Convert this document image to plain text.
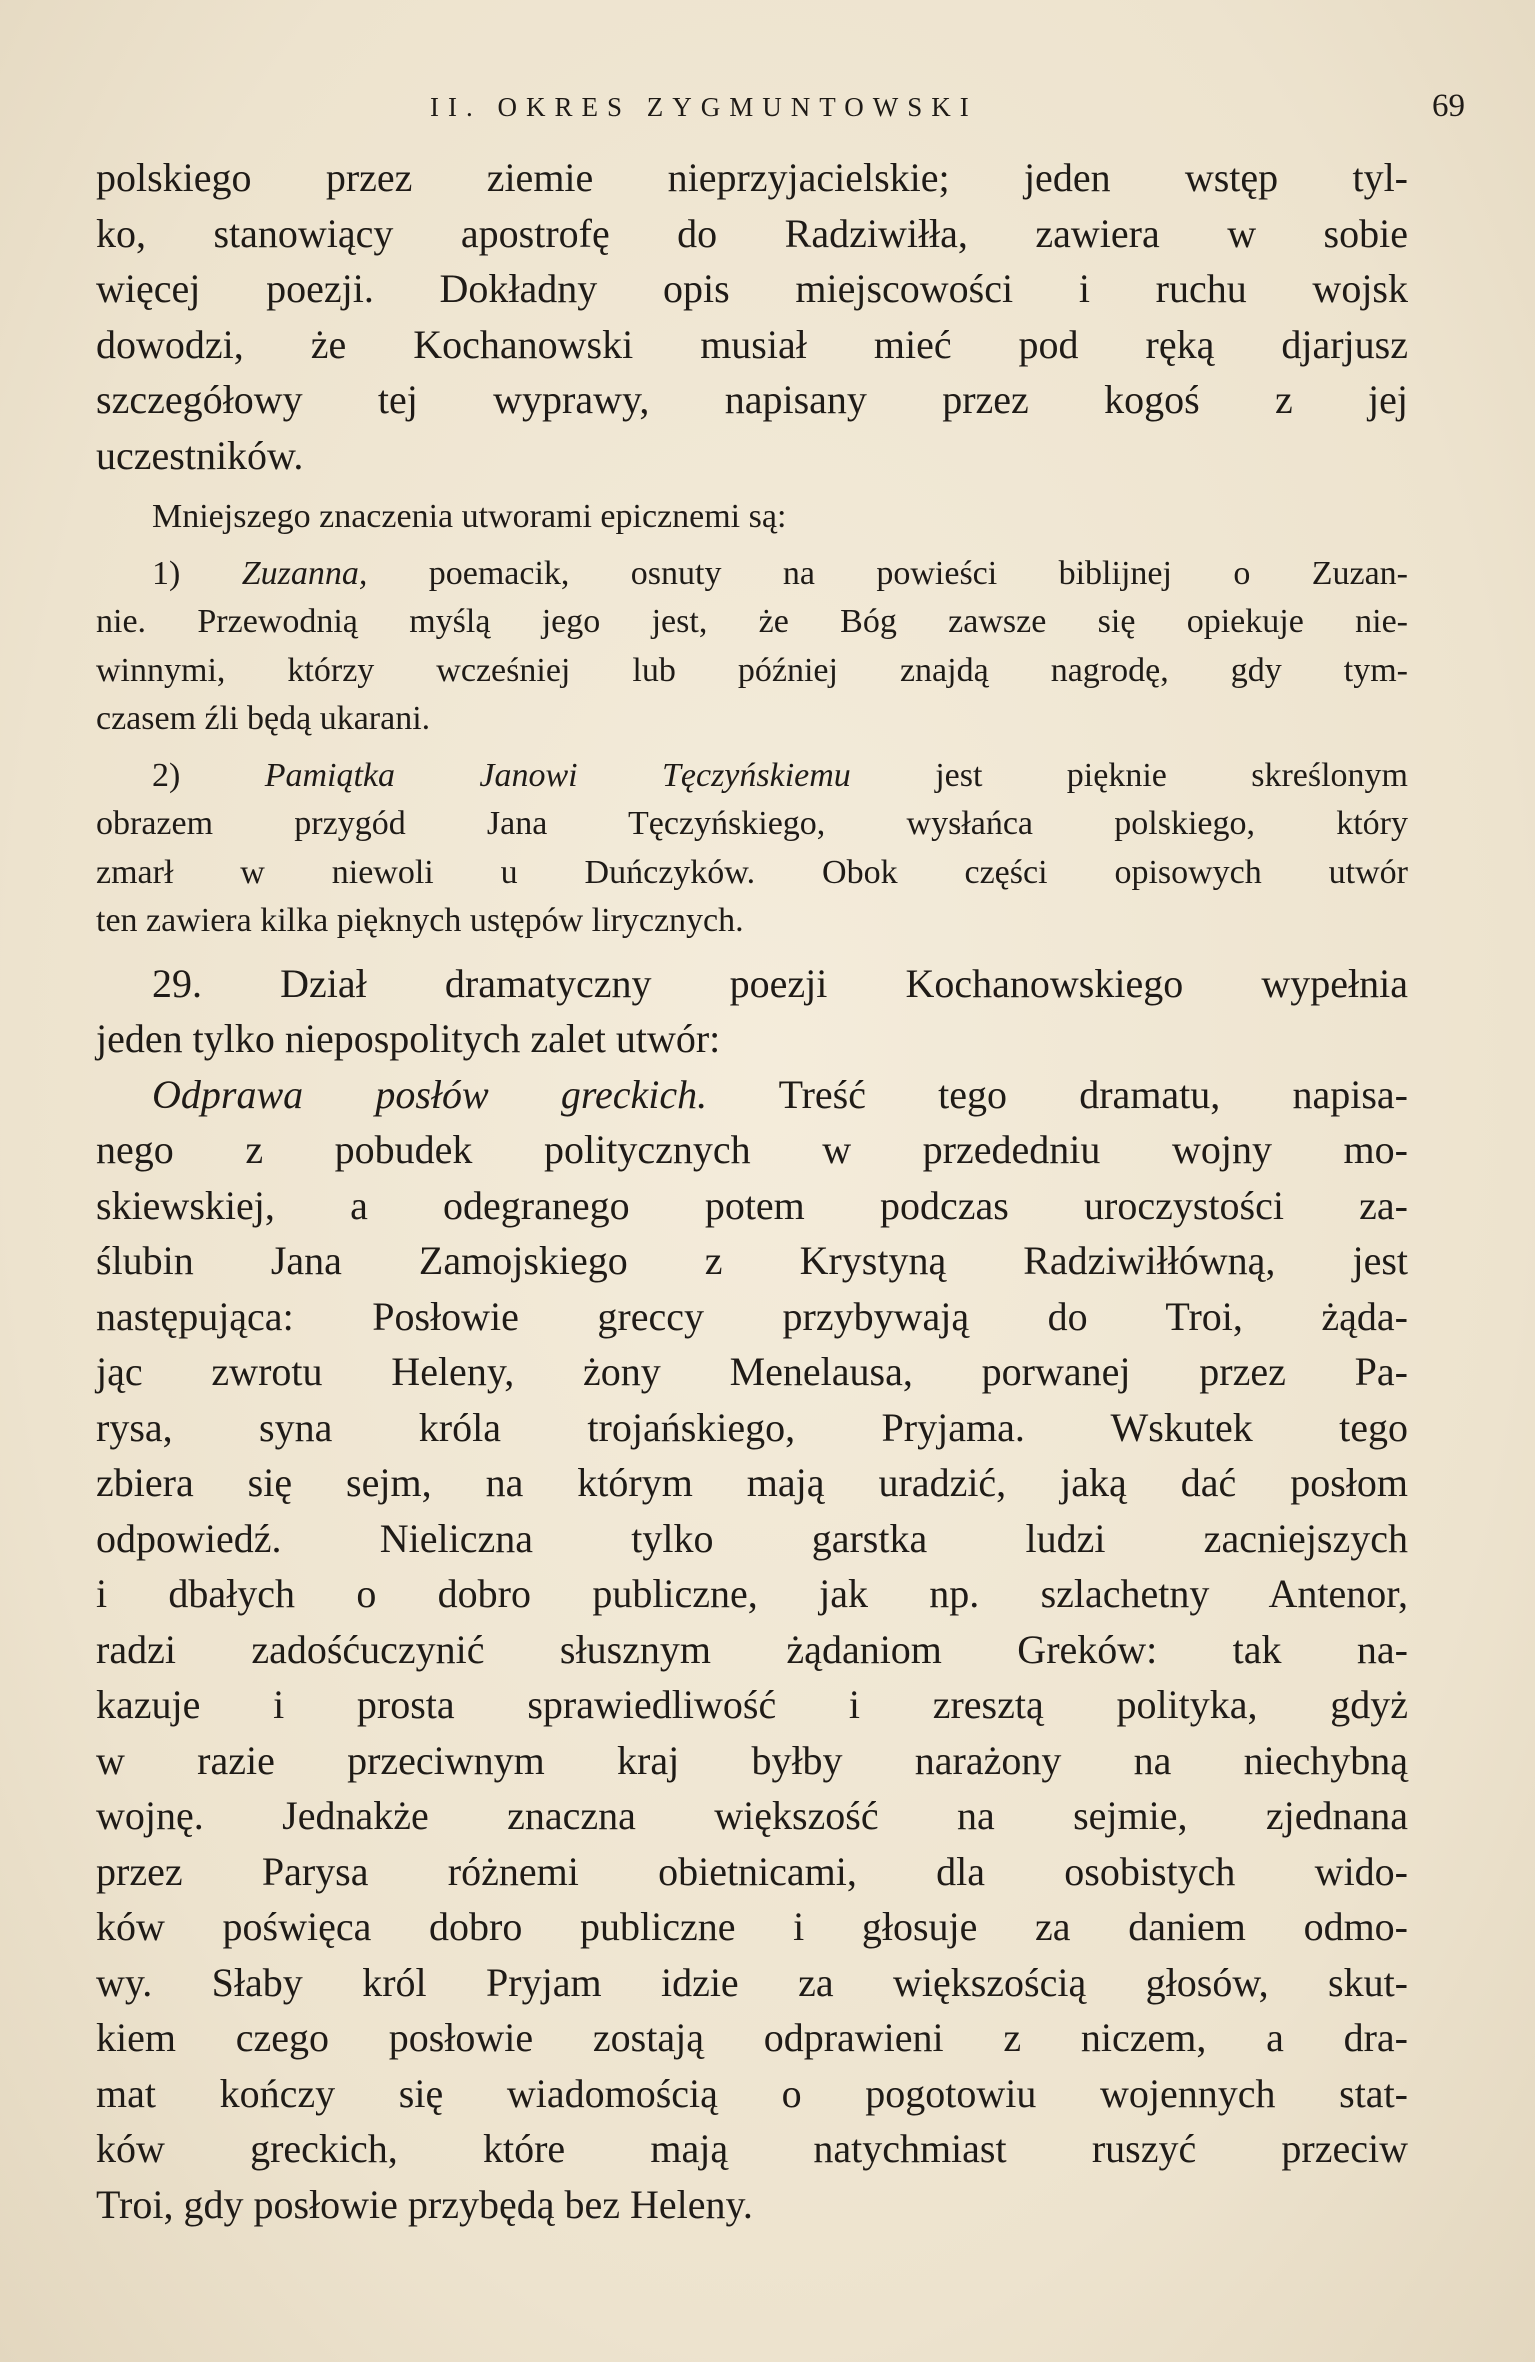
II. OKRES ZYGMUNTOWSKI	69
polskiego przez ziemie nieprzyjacielskie; jeden wstęp tyl-
ko, stanowiący apostrofę do Radziwiłła, zawiera w sobie
więcej poezji. Dokładny opis miejscowości i ruchu wojsk
dowodzi, że Kochanowski musiał mieć pod ręką djarjusz
szczegółowy tej wyprawy, napisany przez kogoś z jej
uczestników.
Mniejszego znaczenia utworami epicznemi są:
1) Zuzanna, poemacik, osnuty na powieści biblijnej o Zuzan-
nie. Przewodnią myślą jego jest, że Bóg zawsze się opiekuje nie-
winnymi, którzy wcześniej lub później znajdą nagrodę, gdy tym-
czasem źli będą ukarani.
2) Pamiątka Janowi Tęczyńskiemu jest pięknie skreślonym
obrazem przygód Jana Tęczyńskiego, wysłańca polskiego, który
zmarł w niewoli u Duńczyków. Obok części opisowych utwór
ten zawiera kilka pięknych ustępów lirycznych.
29. Dział dramatyczny poezji Kochanowskiego wypełnia
jeden tylko niepospolitych zalet utwór:
Odprawa posłów greckich. Treść tego dramatu, napisa-
nego z pobudek politycznych w przededniu wojny mo-
skiewskiej, a odegranego potem podczas uroczystości za-
ślubin Jana Zamojskiego z Krystyną Radziwiłłówną, jest
następująca: Posłowie greccy przybywają do Troi, żąda-
jąc zwrotu Heleny, żony Menelausa, porwanej przez Pa-
rysa, syna króla trojańskiego, Pryjama. Wskutek tego
zbiera się sejm, na którym mają uradzić, jaką dać posłom
odpowiedź. Nieliczna tylko garstka ludzi zacniejszych
i dbałych o dobro publiczne, jak np. szlachetny Antenor,
radzi zadośćuczynić słusznym żądaniom Greków: tak na-
kazuje i prosta sprawiedliwość i zresztą polityka, gdyż
w razie przeciwnym kraj byłby narażony na niechybną
wojnę. Jednakże znaczna większość na sejmie, zjednana
przez Parysa różnemi obietnicami, dla osobistych wido-
ków poświęca dobro publiczne i głosuje za daniem odmo-
wy. Słaby król Pryjam idzie za większością głosów, skut-
kiem czego posłowie zostają odprawieni z niczem, a dra-
mat kończy się wiadomością o pogotowiu wojennych stat-
ków greckich, które mają natychmiast ruszyć przeciw
Troi, gdy posłowie przybędą bez Heleny.
